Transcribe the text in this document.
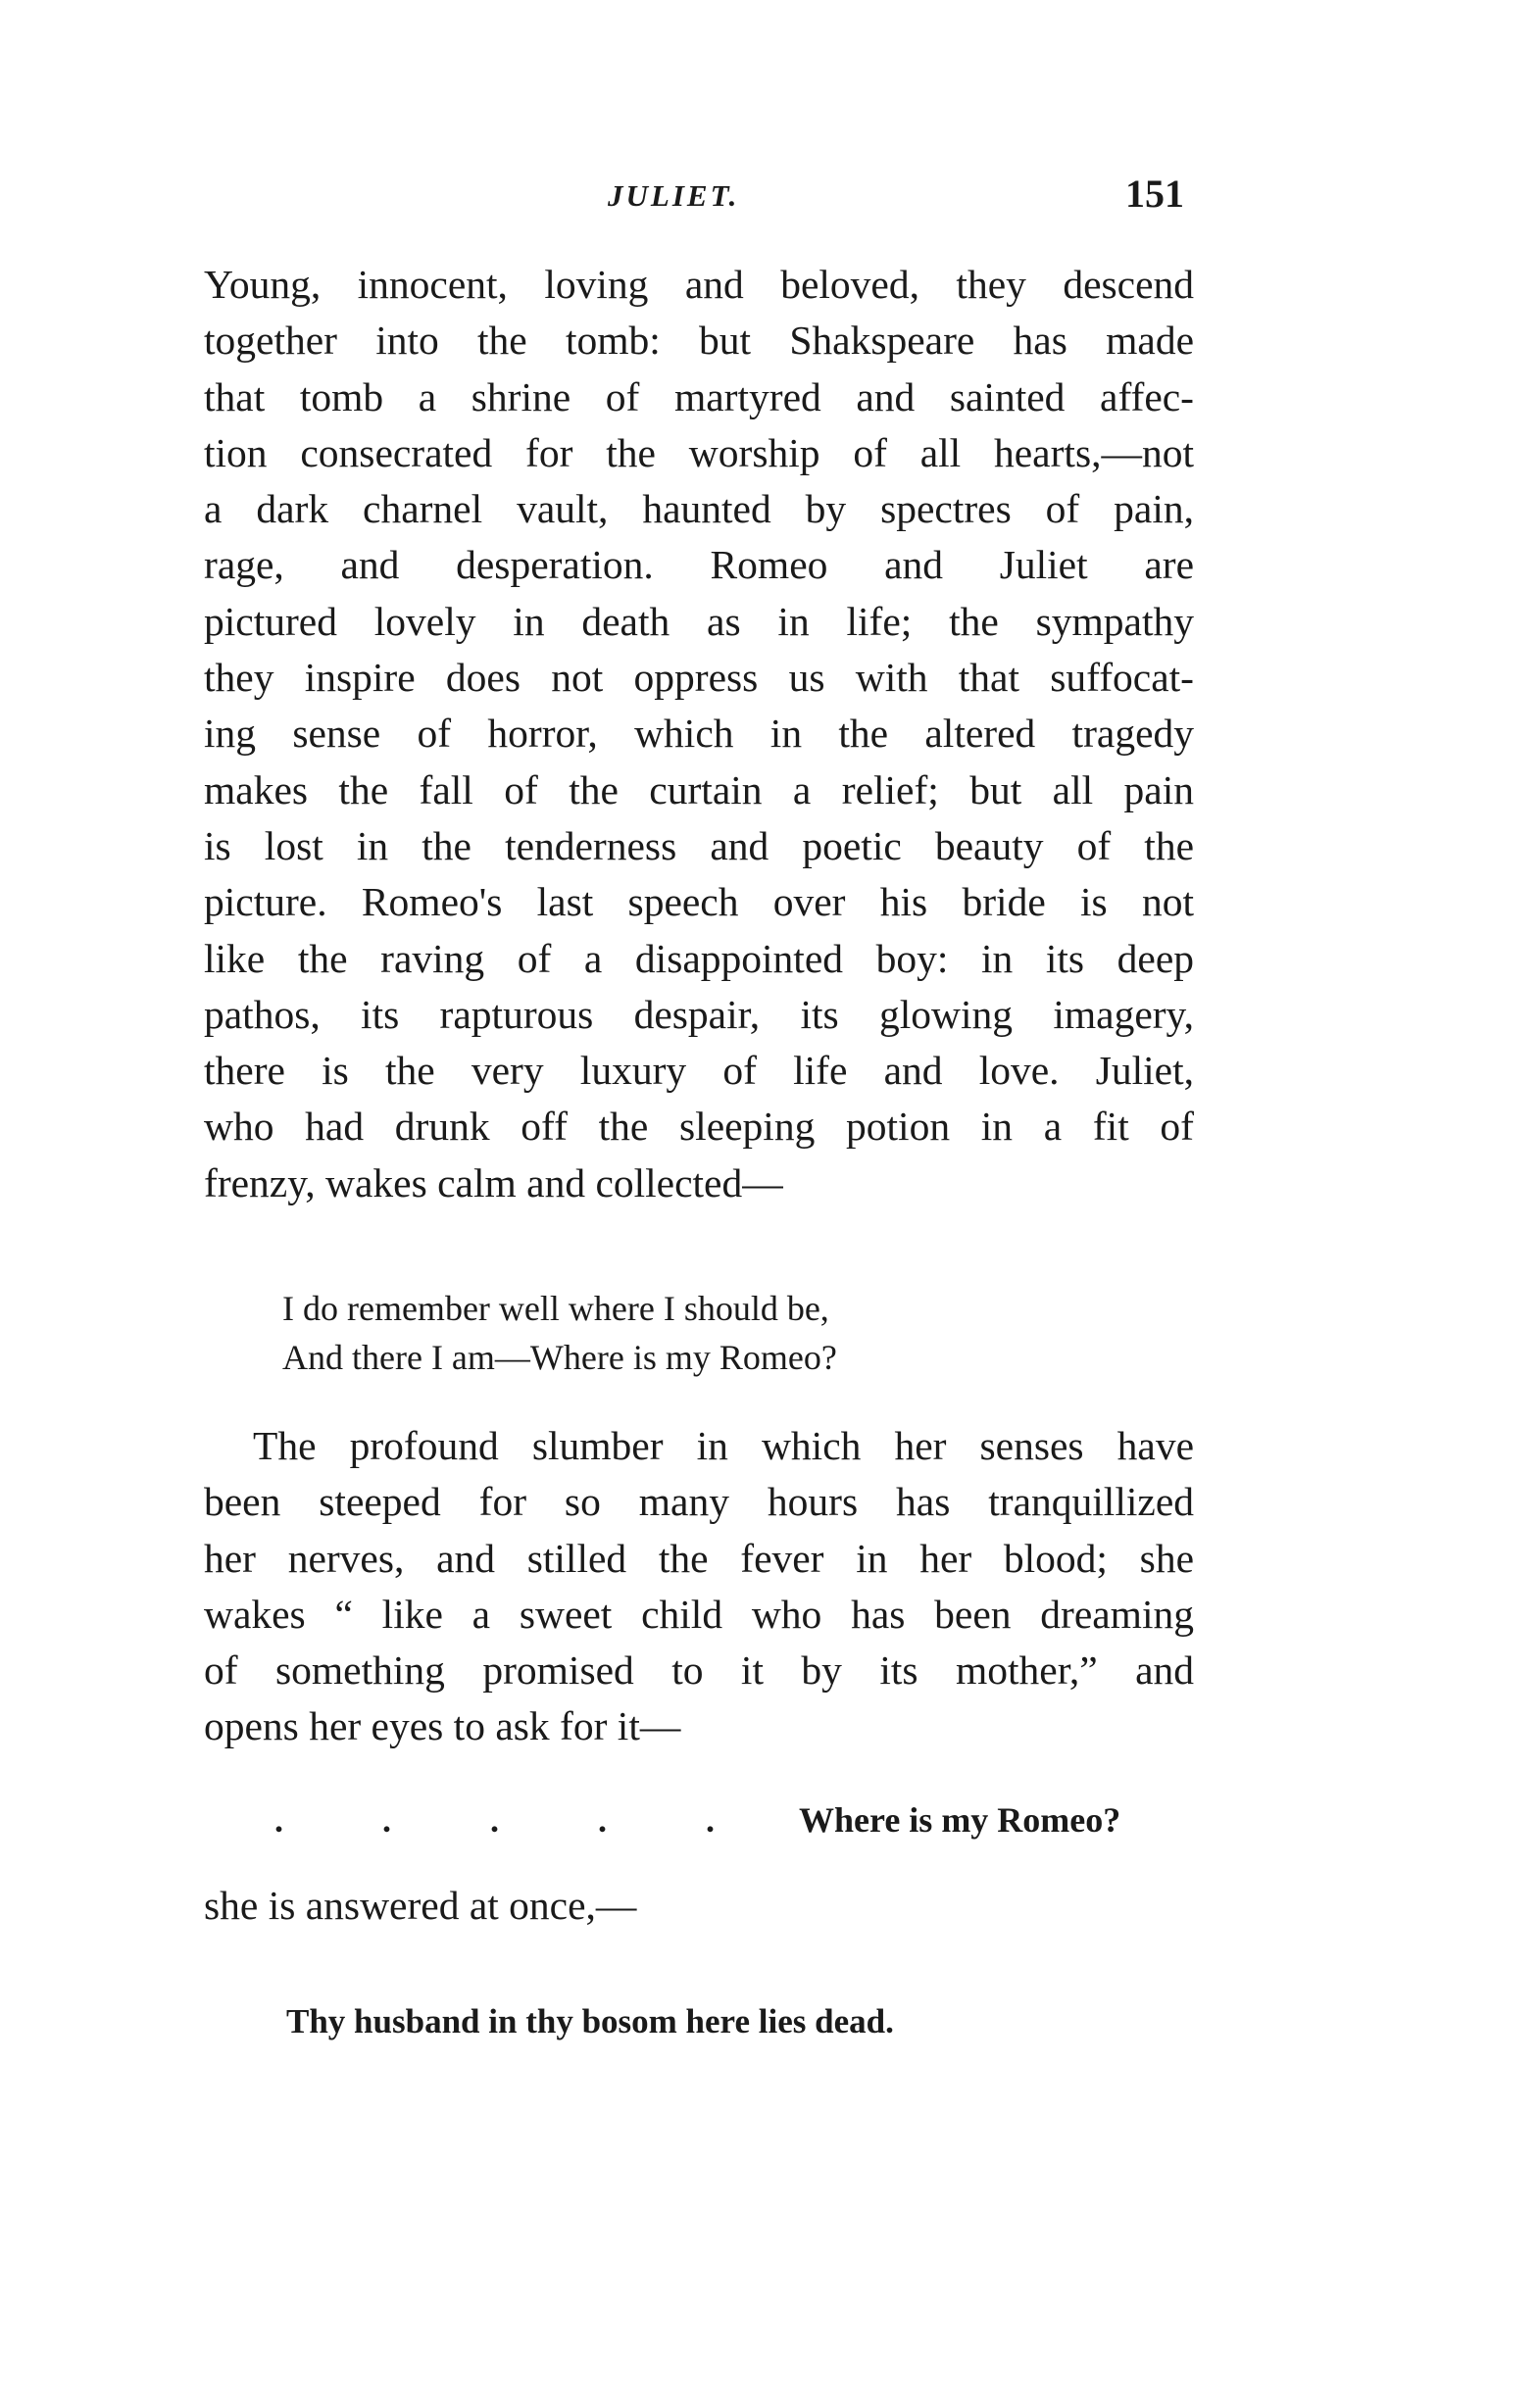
JULIET.	151
Young, innocent, loving and beloved, they descend
together into the tomb: but Shakspeare has made
that tomb a shrine of martyred and sainted affec-
tion consecrated for the worship of all hearts,—not
a dark charnel vault, haunted by spectres of pain,
rage, and desperation. Romeo and Juliet are
pictured lovely in death as in life; the sympathy
they inspire does not oppress us with that suffocat-
ing sense of horror, which in the altered tragedy
makes the fall of the curtain a relief; but all pain
is lost in the tenderness and poetic beauty of the
picture. Romeo's last speech over his bride is not
like the raving of a disappointed boy: in its deep
pathos, its rapturous despair, its glowing imagery,
there is the very luxury of life and love. Juliet,
who had drunk off the sleeping potion in a fit of
frenzy, wakes calm and collected—
I do remember well where I should be,
And there I am—Where is my Romeo?
The profound slumber in which her senses have
been steeped for so many hours has tranquillized
her nerves, and stilled the fever in her blood; she
wakes “ like a sweet child who has been dreaming
of something promised to it by its mother,” and
opens her eyes to ask for it—
. . . . . Where is my Romeo?
she is answered at once,—
Thy husband in thy bosom here lies dead.
